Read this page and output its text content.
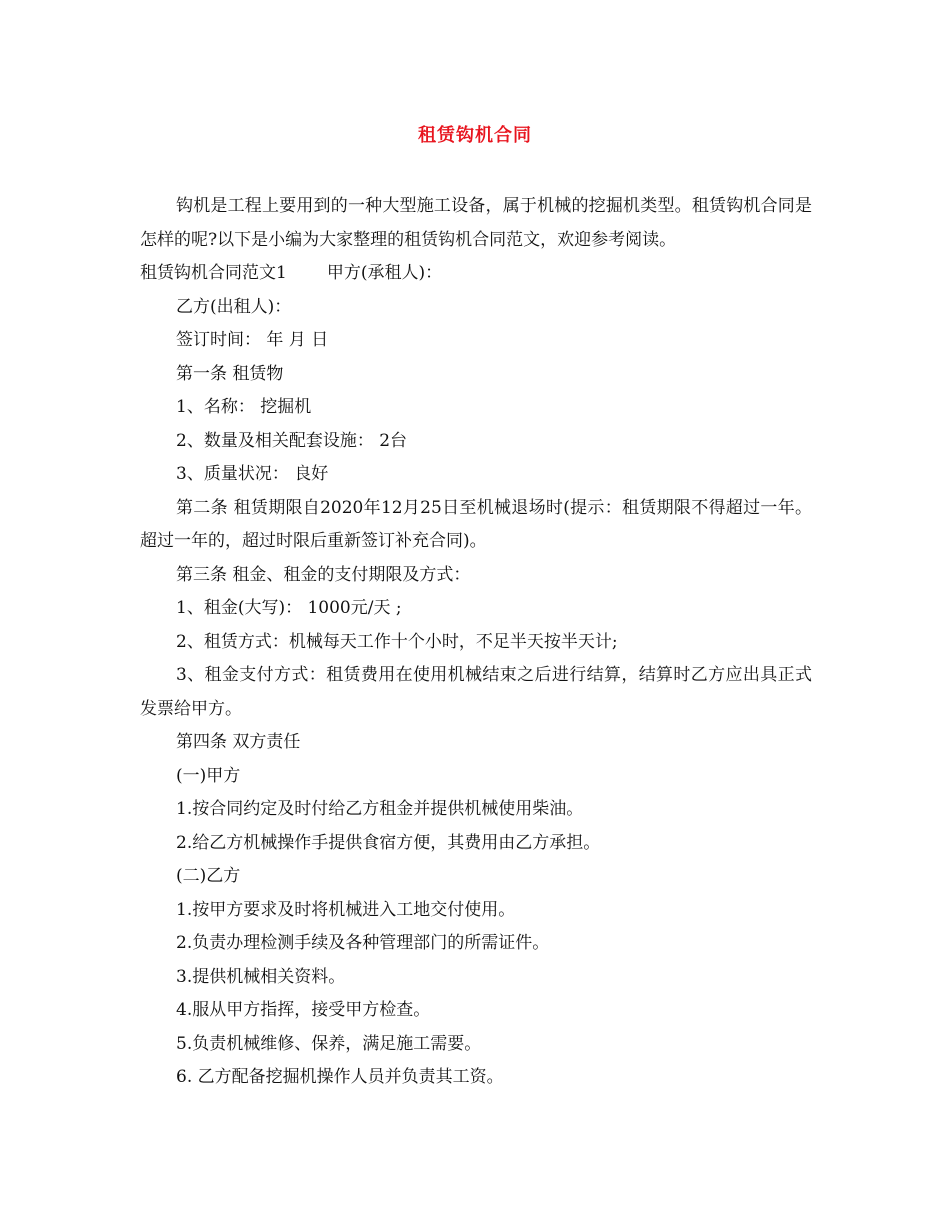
租赁钩机合同

钩机是工程上要用到的一种大型施工设备，属于机械的挖掘机类型。租赁钩机合同是怎样的呢?以下是小编为大家整理的租赁钩机合同范文，欢迎参考阅读。

租赁钩机合同范文1 甲方(承租人)：

乙方(出租人)：

签订时间： 年 月 日

第一条 租赁物

1、名称： 挖掘机

2、数量及相关配套设施： 2台

3、质量状况： 良好

第二条 租赁期限自2020年12月25日至机械退场时(提示：租赁期限不得超过一年。超过一年的，超过时限后重新签订补充合同)。

第三条 租金、租金的支付期限及方式：

1、租金(大写)： 1000元/天 ;

2、租赁方式：机械每天工作十个小时，不足半天按半天计;

3、租金支付方式：租赁费用在使用机械结束之后进行结算，结算时乙方应出具正式发票给甲方。

第四条 双方责任

(一)甲方

1.按合同约定及时付给乙方租金并提供机械使用柴油。

2.给乙方机械操作手提供食宿方便，其费用由乙方承担。

(二)乙方

1.按甲方要求及时将机械进入工地交付使用。

2.负责办理检测手续及各种管理部门的所需证件。

3.提供机械相关资料。

4.服从甲方指挥，接受甲方检查。

5.负责机械维修、保养，满足施工需要。

6. 乙方配备挖掘机操作人员并负责其工资。
